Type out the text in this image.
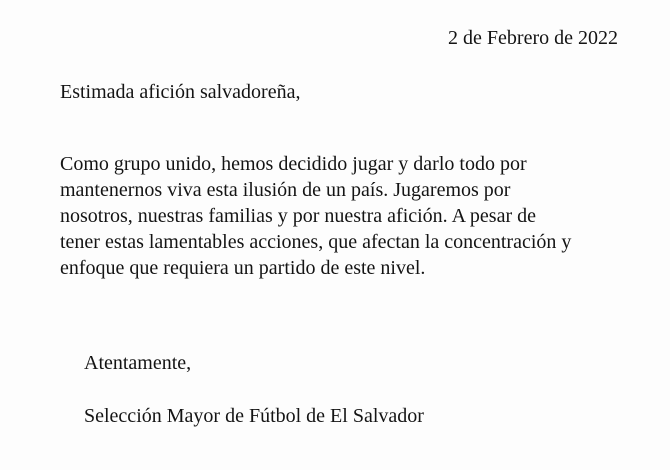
2 de Febrero de 2022
Estimada afición salvadoreña,
Como grupo unido, hemos decidido jugar y darlo todo por
mantenernos viva esta ilusión de un país. Jugaremos por
nosotros, nuestras familias y por nuestra afición. A pesar de
tener estas lamentables acciones, que afectan la concentración y
enfoque que requiera un partido de este nivel.
Atentamente,
Selección Mayor de Fútbol de El Salvador
